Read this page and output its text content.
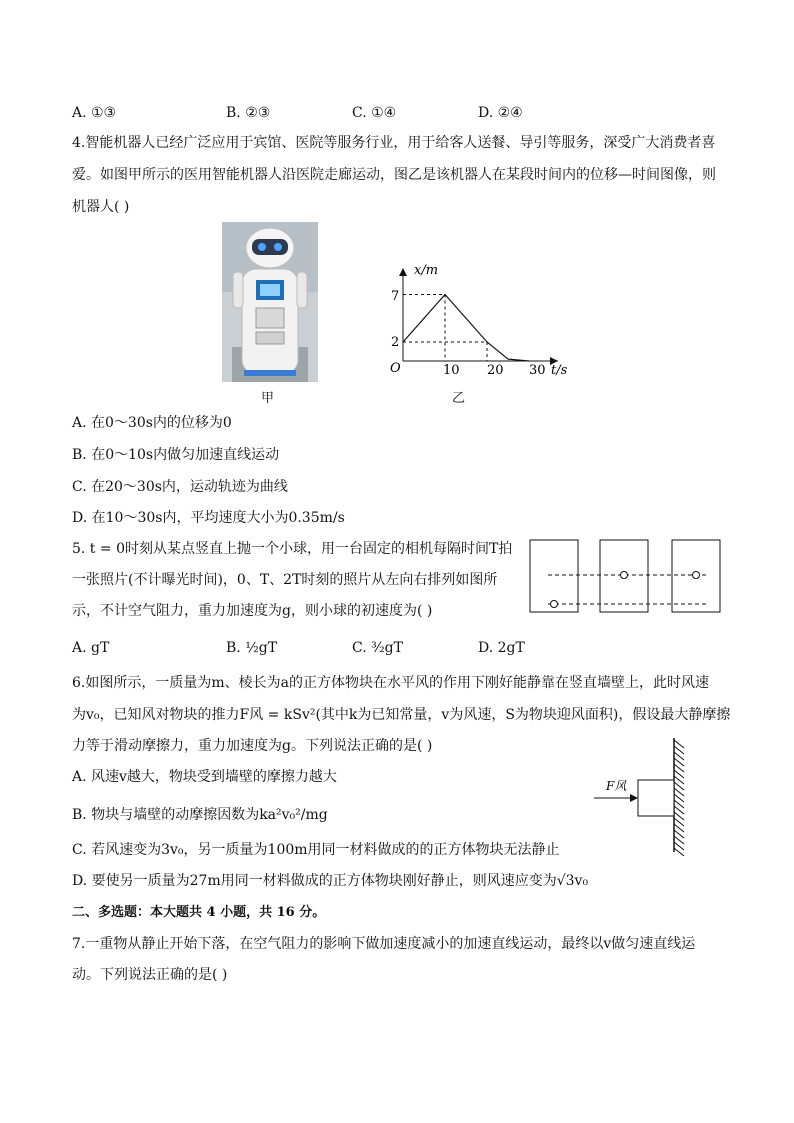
A. ①③	B. ②③	C. ①④	D. ②④
4.智能机器人已经广泛应用于宾馆、医院等服务行业，用于给客人送餐、导引等服务，深受广大消费者喜
爱。如图甲所示的医用智能机器人沿医院走廊运动，图乙是该机器人在某段时间内的位移—时间图像，则
机器人( )
甲
x/m
t/s
O
2
7
10 20 30
乙
A. 在0～30s内的位移为0
B. 在0～10s内做匀加速直线运动
C. 在20～30s内，运动轨迹为曲线
D. 在10～30s内，平均速度大小为0.35m/s
5. t = 0时刻从某点竖直上抛一个小球，用一台固定的相机每隔时间T拍
一张照片(不计曝光时间)，0、T、2T时刻的照片从左向右排列如图所
示，不计空气阻力，重力加速度为g，则小球的初速度为( )
A. gT	B. ½gT	C. ³⁄₂gT	D. 2gT
6.如图所示，一质量为m、棱长为a的正方体物块在水平风的作用下刚好能静靠在竖直墙壁上，此时风速
为v₀，已知风对物块的推力F风 = kSv²(其中k为已知常量，v为风速，S为物块迎风面积)，假设最大静摩擦
力等于滑动摩擦力，重力加速度为g。下列说法正确的是( )
F风
A. 风速v越大，物块受到墙壁的摩擦力越大
B. 物块与墙壁的动摩擦因数为ka²v₀²/mg
C. 若风速变为3v₀，另一质量为100m用同一材料做成的的正方体物块无法静止
D. 要使另一质量为27m用同一材料做成的正方体物块刚好静止，则风速应变为√3v₀
二、多选题：本大题共 4 小题，共 16 分。
7.一重物从静止开始下落，在空气阻力的影响下做加速度减小的加速直线运动，最终以v做匀速直线运
动。下列说法正确的是( )
